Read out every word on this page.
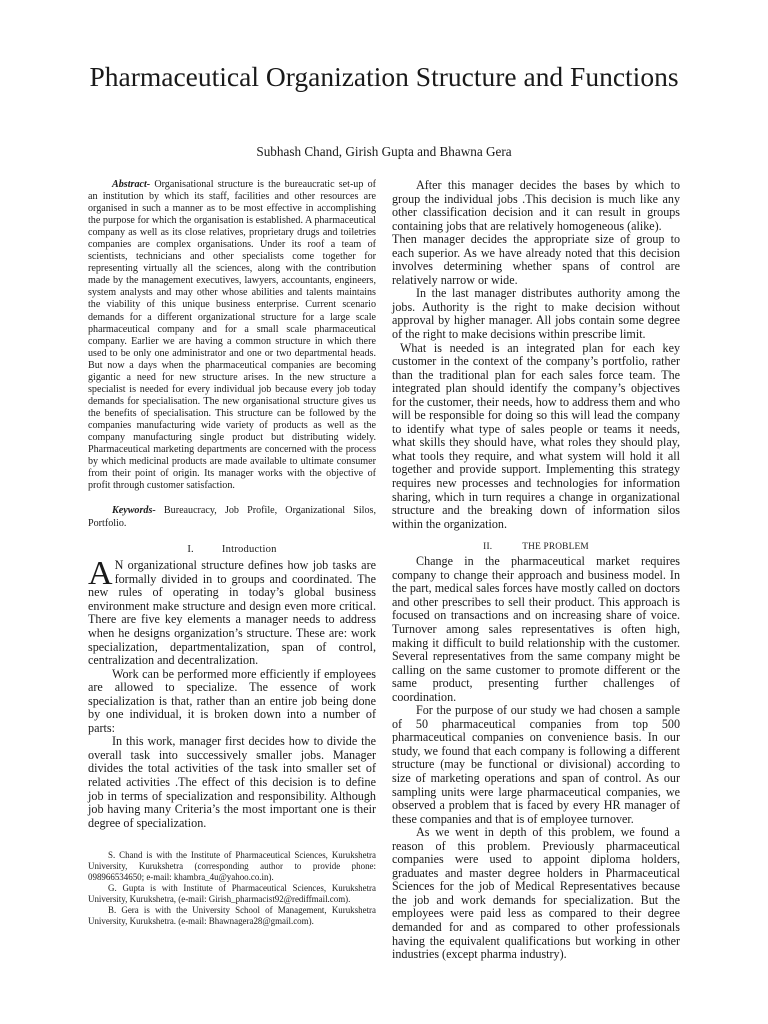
Pharmaceutical Organization Structure and Functions

Subhash Chand, Girish Gupta and Bhawna Gera

Abstract- Organisational structure is the bureaucratic set-up of an institution by which its staff, facilities and other resources are organised in such a manner as to be most effective in accomplishing the purpose for which the organisation is established. A pharmaceutical company as well as its close relatives, proprietary drugs and toiletries companies are complex organisations. Under its roof a team of scientists, technicians and other specialists come together for representing virtually all the sciences, along with the contribution made by the management executives, lawyers, accountants, engineers, system analysts and may other whose abilities and talents maintains the viability of this unique business enterprise. Current scenario demands for a different organizational structure for a large scale pharmaceutical company and for a small scale pharmaceutical company. Earlier we are having a common structure in which there used to be only one administrator and one or two departmental heads. But now a days when the pharmaceutical companies are becoming gigantic a need for new structure arises. In the new structure a specialist is needed for every individual job because every job today demands for specialisation. The new organisational structure gives us the benefits of specialisation. This structure can be followed by the companies manufacturing wide variety of products as well as the company manufacturing single product but distributing widely. Pharmaceutical marketing departments are concerned with the process by which medicinal products are made available to ultimate consumer from their point of origin. Its manager works with the objective of profit through customer satisfaction.

Keywords- Bureaucracy, Job Profile, Organizational Silos, Portfolio.

I.	Introduction

A N organizational structure defines how job tasks are formally divided in to groups and coordinated. The new rules of operating in today’s global business environment make structure and design even more critical. There are five key elements a manager needs to address when he designs organization’s structure. These are: work specialization, departmentalization, span of control, centralization and decentralization.

Work can be performed more efficiently if employees are allowed to specialize. The essence of work specialization is that, rather than an entire job being done by one individual, it is broken down into a number of parts:

In this work, manager first decides how to divide the overall task into successively smaller jobs. Manager divides the total activities of the task into smaller set of related activities .The effect of this decision is to define job in terms of specialization and responsibility. Although job having many Criteria’s the most important one is their degree of specialization.

S. Chand is with the Institute of Pharmaceutical Sciences, Kurukshetra University, Kurukshetra (corresponding author to provide phone: 098966534650; e-mail: khambra_4u@yahoo.co.in).

G. Gupta is with Institute of Pharmaceutical Sciences, Kurukshetra University, Kurukshetra, (e-mail: Girish_pharmacist92@rediffmail.com).

B. Gera is with the University School of Management, Kurukshetra University, Kurukshetra. (e-mail: Bhawnagera28@gmail.com).

After this manager decides the bases by which to group the individual jobs .This decision is much like any other classification decision and it can result in groups containing jobs that are relatively homogeneous (alike).

Then manager decides the appropriate size of group to each superior. As we have already noted that this decision involves determining whether spans of control are relatively narrow or wide.

In the last manager distributes authority among the jobs. Authority is the right to make decision without approval by higher manager. All jobs contain some degree of the right to make decisions within prescribe limit.

What is needed is an integrated plan for each key customer in the context of the company’s portfolio, rather than the traditional plan for each sales force team. The integrated plan should identify the company’s objectives for the customer, their needs, how to address them and who will be responsible for doing so this will lead the company to identify what type of sales people or teams it needs, what skills they should have, what roles they should play, what tools they require, and what system will hold it all together and provide support. Implementing this strategy requires new processes and technologies for information sharing, which in turn requires a change in organizational structure and the breaking down of information silos within the organization.

II.	THE PROBLEM

Change in the pharmaceutical market requires company to change their approach and business model. In the part, medical sales forces have mostly called on doctors and other prescribes to sell their product. This approach is focused on transactions and on increasing share of voice. Turnover among sales representatives is often high, making it difficult to build relationship with the customer. Several representatives from the same company might be calling on the same customer to promote different or the same product, presenting further challenges of coordination.

For the purpose of our study we had chosen a sample of 50 pharmaceutical companies from top 500 pharmaceutical companies on convenience basis. In our study, we found that each company is following a different structure (may be functional or divisional) according to size of marketing operations and span of control. As our sampling units were large pharmaceutical companies, we observed a problem that is faced by every HR manager of these companies and that is of employee turnover.

As we went in depth of this problem, we found a reason of this problem. Previously pharmaceutical companies were used to appoint diploma holders, graduates and master degree holders in Pharmaceutical Sciences for the job of Medical Representatives because the job and work demands for specialization. But the employees were paid less as compared to their degree demanded for and as compared to other professionals having the equivalent qualifications but working in other industries (except pharma industry).
